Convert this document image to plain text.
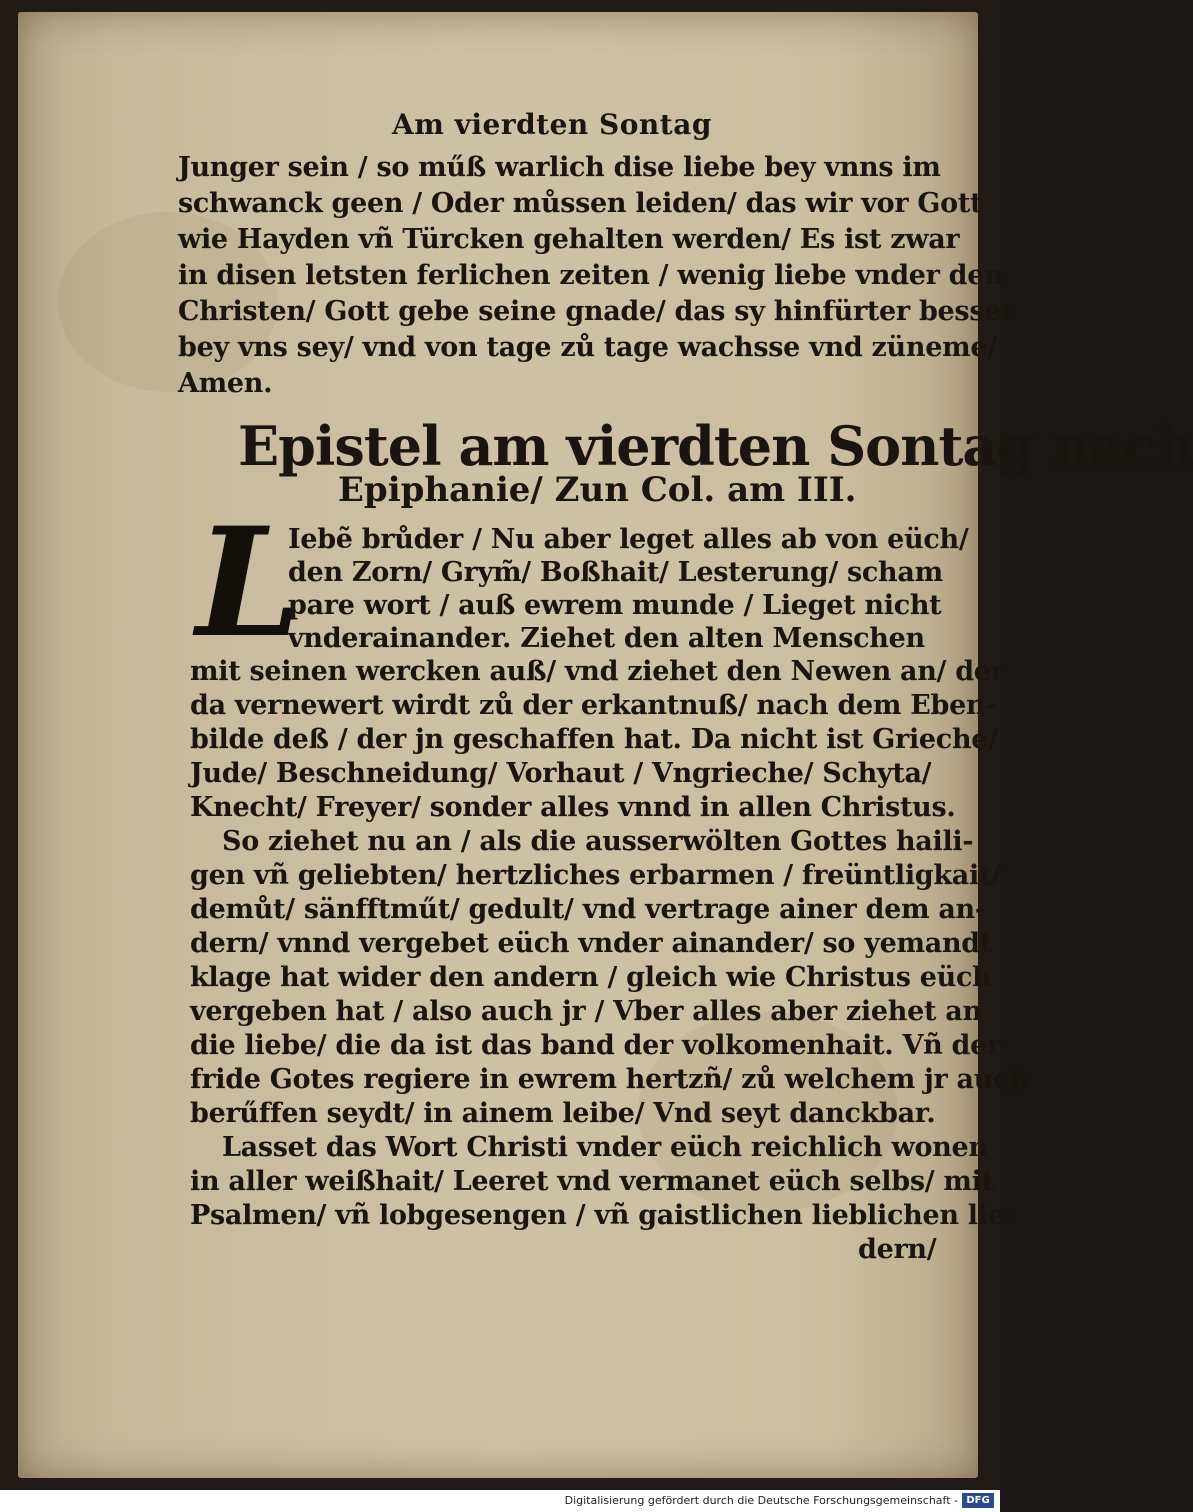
Am vierdten Sontag
Junger sein / so műß warlich dise liebe bey vnns im
schwanck geen / Oder můssen leiden/ das wir vor Gott
wie Hayden vñ Türcken gehalten werden/ Es ist zwar
in disen letsten ferlichen zeiten / wenig liebe vnder den
Christen/ Gott gebe seine gnade/ das sy hinfürter besser
bey vns sey/ vnd von tage zů tage wachsse vnd züneme/
Amen.
Epistel am vierdten Sontag nach
Epiphanie/ Zun Col. am III.
L
Iebẽ brůder / Nu aber leget alles ab von eüch/
den Zorn/ Grym̃/ Boßhait/ Lesterung/ scham
pare wort / auß ewrem munde / Lieget nicht
vnderainander. Ziehet den alten Menschen
mit seinen wercken auß/ vnd ziehet den Newen an/ der
da vernewert wirdt zů der erkantnuß/ nach dem Eben-
bilde deß / der jn geschaffen hat. Da nicht ist Grieche/
Jude/ Beschneidung/ Vorhaut / Vngrieche/ Schyta/
Knecht/ Freyer/ sonder alles vnnd in allen Christus.
So ziehet nu an / als die ausserwölten Gottes haili-
gen vñ geliebten/ hertzliches erbarmen / freüntligkait/
demůt/ sänfftműt/ gedult/ vnd vertrage ainer dem an-
dern/ vnnd vergebet eüch vnder ainander/ so yemandt
klage hat wider den andern / gleich wie Christus eüch
vergeben hat / also auch jr / Vber alles aber ziehet an
die liebe/ die da ist das band der volkomenhait. Vñ der
fride Gotes regiere in ewrem hertzñ/ zů welchem jr auch
berűffen seydt/ in ainem leibe/ Vnd seyt danckbar.
Lasset das Wort Christi vnder eüch reichlich wonen
in aller weißhait/ Leeret vnd vermanet eüch selbs/ mit
Psalmen/ vñ lobgesengen / vñ gaistlichen lieblichen lie-
dern/
Digitalisierung gefördert durch die Deutsche Forschungsgemeinschaft - DFG
